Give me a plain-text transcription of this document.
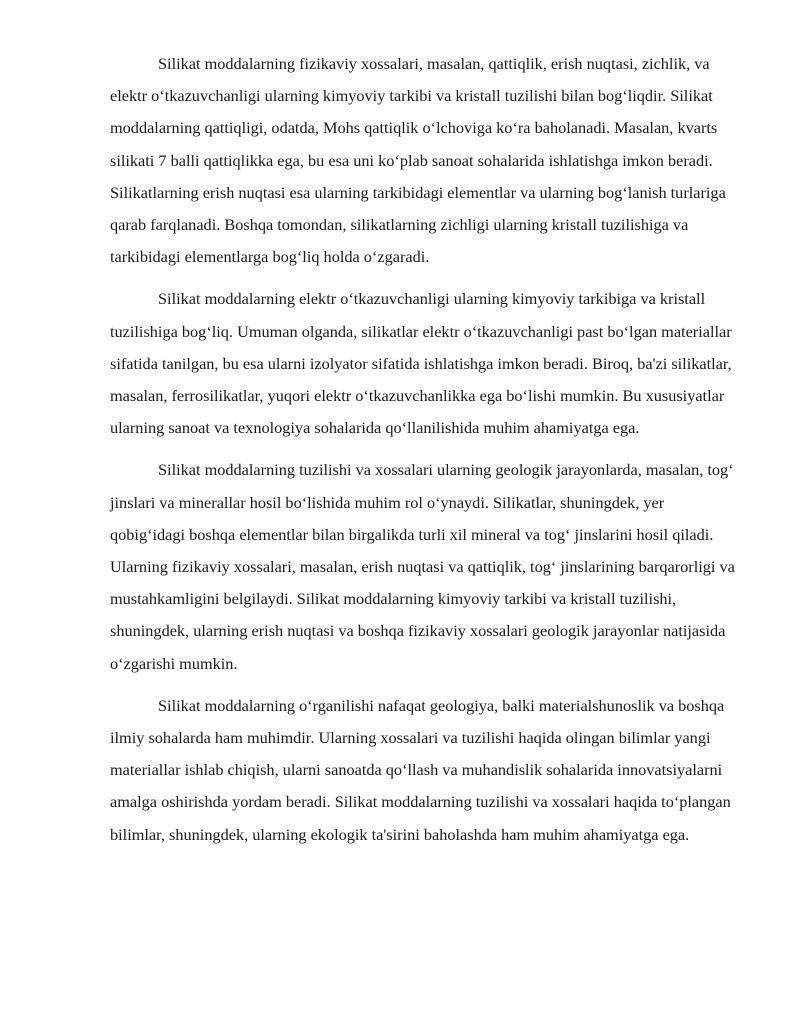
Silikat moddalarning fizikaviy xossalari, masalan, qattiqlik, erish nuqtasi, zichlik, va elektr o‘tkazuvchanligi ularning kimyoviy tarkibi va kristall tuzilishi bilan bog‘liqdir. Silikat moddalarning qattiqligi, odatda, Mohs qattiqlik o‘lchoviga ko‘ra baholanadi. Masalan, kvarts silikati 7 balli qattiqlikka ega, bu esa uni ko‘plab sanoat sohalarida ishlatishga imkon beradi. Silikatlarning erish nuqtasi esa ularning tarkibidagi elementlar va ularning bog‘lanish turlariga qarab farqlanadi. Boshqa tomondan, silikatlarning zichligi ularning kristall tuzilishiga va tarkibidagi elementlarga bog‘liq holda o‘zgaradi.

Silikat moddalarning elektr o‘tkazuvchanligi ularning kimyoviy tarkibiga va kristall tuzilishiga bog‘liq. Umuman olganda, silikatlar elektr o‘tkazuvchanligi past bo‘lgan materiallar sifatida tanilgan, bu esa ularni izolyator sifatida ishlatishga imkon beradi. Biroq, ba'zi silikatlar, masalan, ferrosilikatlar, yuqori elektr o‘tkazuvchanlikka ega bo‘lishi mumkin. Bu xususiyatlar ularning sanoat va texnologiya sohalarida qo‘llanilishida muhim ahamiyatga ega.

Silikat moddalarning tuzilishi va xossalari ularning geologik jarayonlarda, masalan, tog‘ jinslari va minerallar hosil bo‘lishida muhim rol o‘ynaydi. Silikatlar, shuningdek, yer qobig‘idagi boshqa elementlar bilan birgalikda turli xil mineral va tog‘ jinslarini hosil qiladi. Ularning fizikaviy xossalari, masalan, erish nuqtasi va qattiqlik, tog‘ jinslarining barqarorligi va mustahkamligini belgilaydi. Silikat moddalarning kimyoviy tarkibi va kristall tuzilishi, shuningdek, ularning erish nuqtasi va boshqa fizikaviy xossalari geologik jarayonlar natijasida o‘zgarishi mumkin.

Silikat moddalarning o‘rganilishi nafaqat geologiya, balki materialshunoslik va boshqa ilmiy sohalarda ham muhimdir. Ularning xossalari va tuzilishi haqida olingan bilimlar yangi materiallar ishlab chiqish, ularni sanoatda qo‘llash va muhandislik sohalarida innovatsiyalarni amalga oshirishda yordam beradi. Silikat moddalarning tuzilishi va xossalari haqida to‘plangan bilimlar, shuningdek, ularning ekologik ta'sirini baholashda ham muhim ahamiyatga ega.
